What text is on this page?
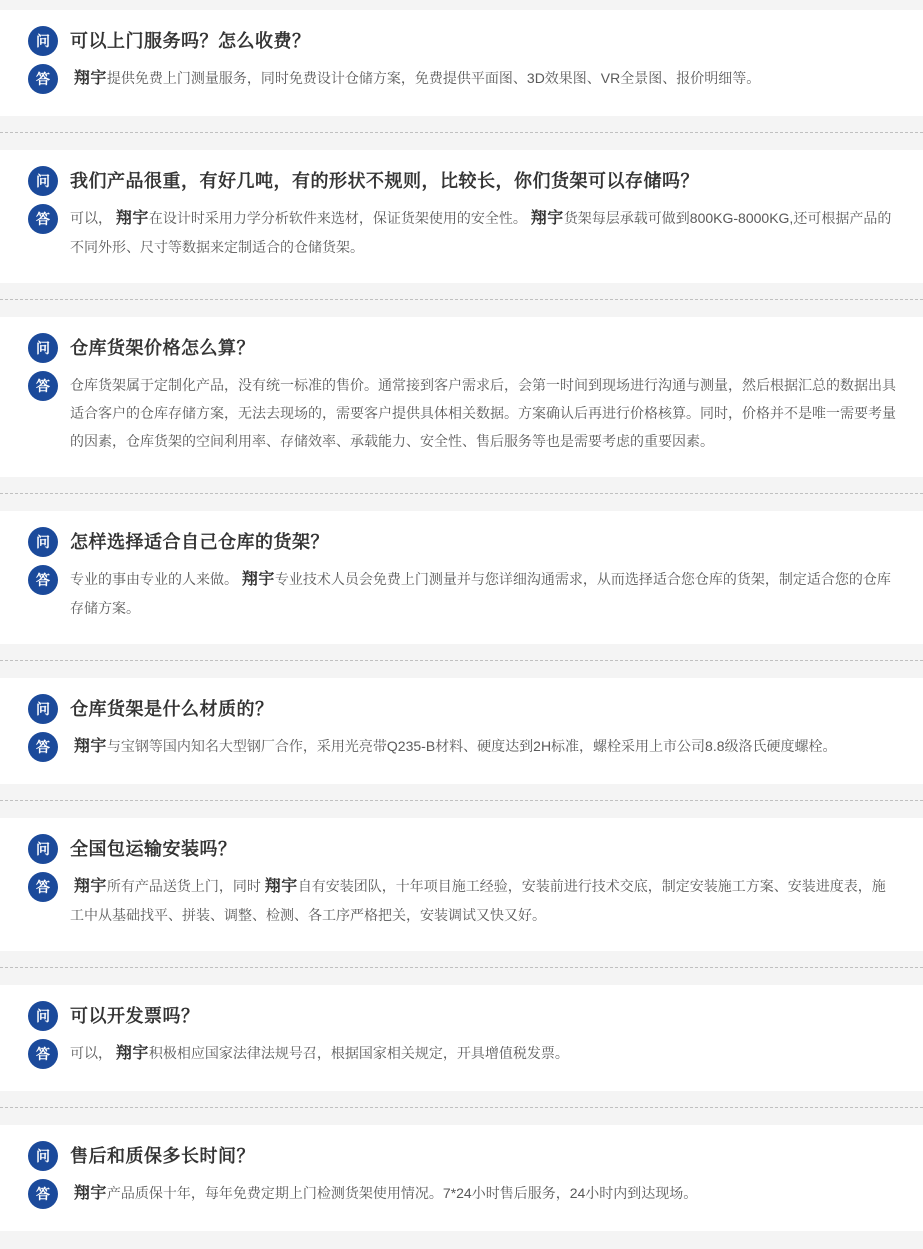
问	可以上门服务吗？怎么收费？
答	翔宇提供免费上门测量服务，同时免费设计仓储方案，免费提供平面图、3D效果图、VR全景图、报价明细等。

问	我们产品很重，有好几吨，有的形状不规则，比较长，你们货架可以存储吗？
答	可以， 翔宇在设计时采用力学分析软件来选材，保证货架使用的安全性。 翔宇货架每层承载可做到800KG-8000KG,还可根据产品的不同外形、尺寸等数据来定制适合的仓储货架。

问	仓库货架价格怎么算？
答	仓库货架属于定制化产品，没有统一标准的售价。通常接到客户需求后，会第一时间到现场进行沟通与测量，然后根据汇总的数据出具适合客户的仓库存储方案，无法去现场的，需要客户提供具体相关数据。方案确认后再进行价格核算。同时，价格并不是唯一需要考量的因素，仓库货架的空间利用率、存储效率、承载能力、安全性、售后服务等也是需要考虑的重要因素。

问	怎样选择适合自己仓库的货架？
答	专业的事由专业的人来做。 翔宇专业技术人员会免费上门测量并与您详细沟通需求，从而选择适合您仓库的货架，制定适合您的仓库存储方案。

问	仓库货架是什么材质的？
答	翔宇与宝钢等国内知名大型钢厂合作，采用光亮带Q235-B材料、硬度达到2H标准，螺栓采用上市公司8.8级洛氏硬度螺栓。

问	全国包运输安装吗？
答	翔宇所有产品送货上门，同时 翔宇自有安装团队，十年项目施工经验，安装前进行技术交底，制定安装施工方案、安装进度表，施工中从基础找平、拼装、调整、检测、各工序严格把关，安装调试又快又好。

问	可以开发票吗？
答	可以， 翔宇积极相应国家法律法规号召，根据国家相关规定，开具增值税发票。

问	售后和质保多长时间？
答	翔宇产品质保十年，每年免费定期上门检测货架使用情况。7*24小时售后服务，24小时内到达现场。
